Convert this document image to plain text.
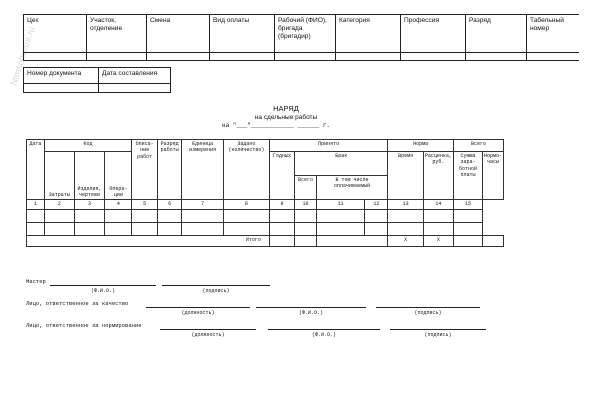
Ntmsoftware.ru
Цех	Участок, отделение	Смена	Вид оплаты	Рабочий (ФИО), бригада (бригадир)	Категория	Профессия	Разряд	Табельный номер

Номер документа	Дата составления

НАРЯД
на сдельные работы
на "___"____________ ______ г.
Дата	Код			Описа-ние работ	Разряд работы	Единица измерения	Задано (количество)	Принято				Норма		Всего	
	Затраты	Изделия, чертежи	Опера-ции					Годных	Брак			Время	Расценка, руб.	Сумма зара-ботной платы	Нормо-часы
									Всего	В том числе оплачиваемый					
1	2	3	4	5	6	7	8	9	10	11	12	13	14	15	

Итого												Х	Х		
Мастер
(Ф.И.О.)	(подпись)
Лицо, ответственное за качество
(должность)	(Ф.И.О.)	(подпись)
Лицо, ответственное за нормирование
(должность)	(Ф.И.О.)	(подпись)
